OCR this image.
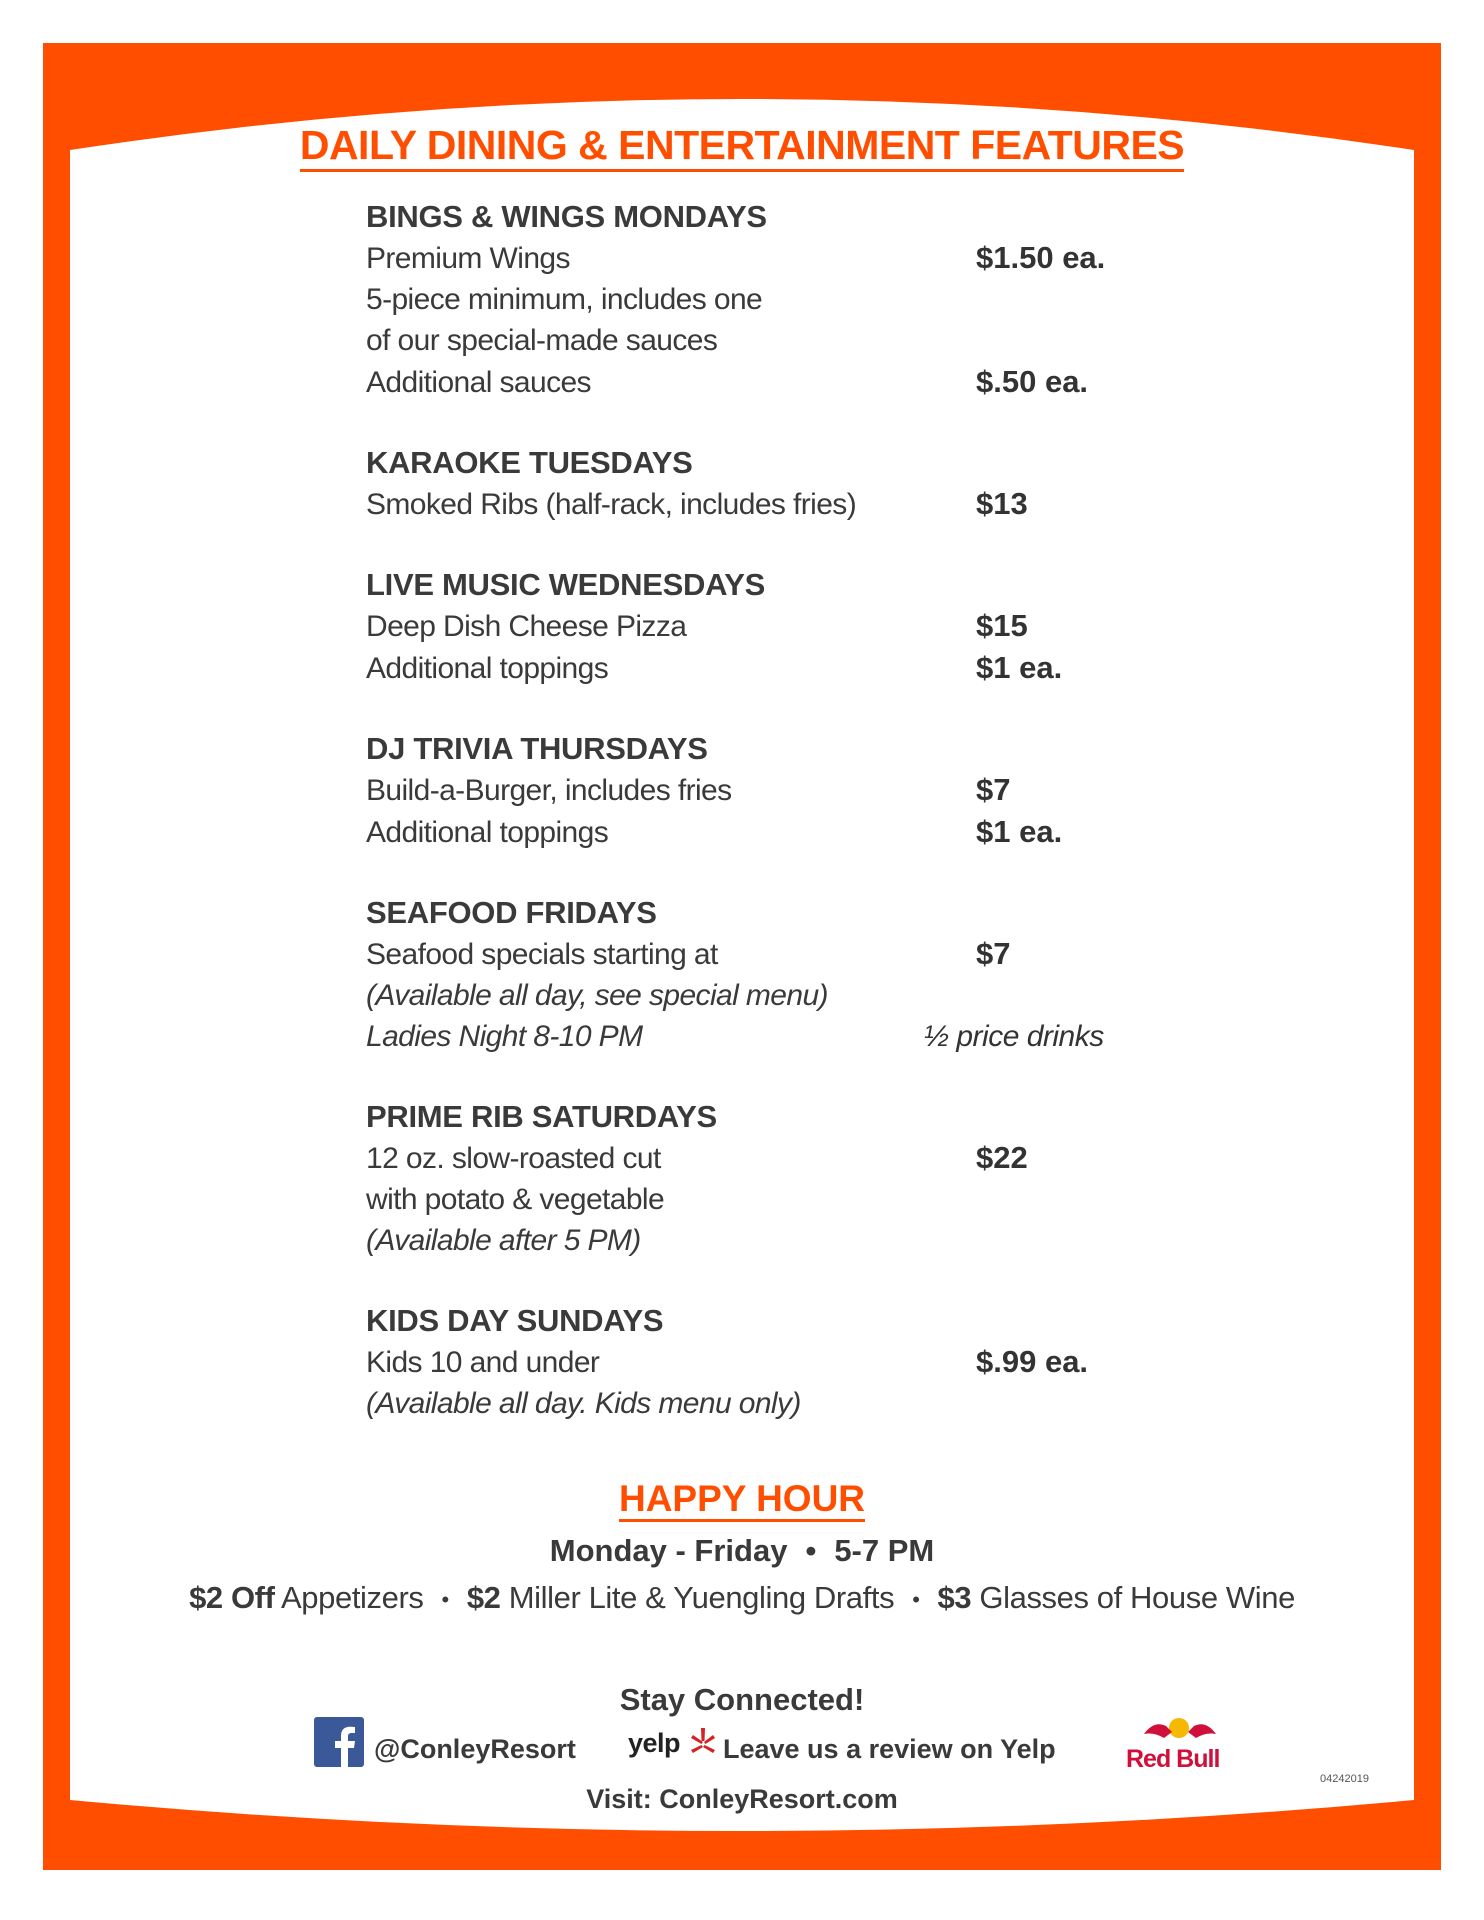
DAILY DINING & ENTERTAINMENT FEATURES
BINGS & WINGS MONDAYS
Premium Wings	$1.50 ea.
5-piece minimum, includes one
of our special-made sauces
Additional sauces	$.50 ea.
KARAOKE TUESDAYS
Smoked Ribs (half-rack, includes fries)	$13
LIVE MUSIC WEDNESDAYS
Deep Dish Cheese Pizza	$15
Additional toppings	$1 ea.
DJ TRIVIA THURSDAYS
Build-a-Burger, includes fries	$7
Additional toppings	$1 ea.
SEAFOOD FRIDAYS
Seafood specials starting at	$7
(Available all day, see special menu)
Ladies Night 8-10 PM	½ price drinks
PRIME RIB SATURDAYS
12 oz. slow-roasted cut	$22
with potato & vegetable
(Available after 5 PM)
KIDS DAY SUNDAYS
Kids 10 and under	$.99 ea.
(Available all day. Kids menu only)
HAPPY HOUR
Monday - Friday • 5-7 PM
$2 Off Appetizers • $2 Miller Lite & Yuengling Drafts • $3 Glasses of House Wine
Stay Connected!
@ConleyResort yelp Leave us a review on Yelp	Red Bull
04242019
Visit: ConleyResort.com
